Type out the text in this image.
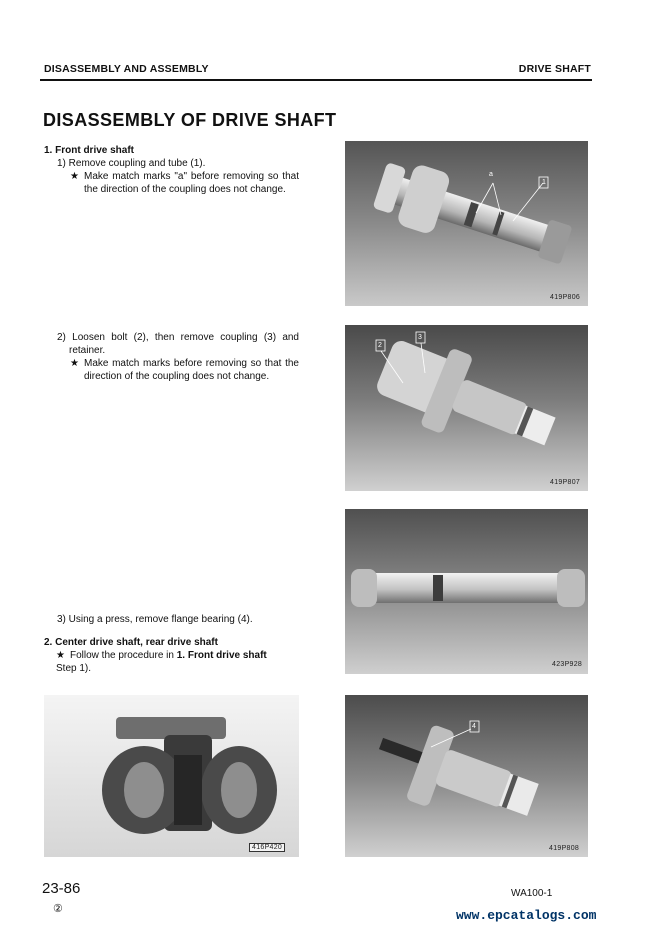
DISASSEMBLY AND ASSEMBLY	DRIVE SHAFT
DISASSEMBLY OF DRIVE SHAFT
1. Front drive shaft
1) Remove coupling and tube (1).
★ Make match marks "a" before removing so that the direction of the coupling does not change.
2) Loosen bolt (2), then remove coupling (3) and retainer.
★ Make match marks before removing so that the direction of the coupling does not change.
3) Using a press, remove flange bearing (4).
2. Center drive shaft, rear drive shaft
★ Follow the procedure in 1. Front drive shaft
Step 1).
a
1
419P806
2
3
419P807
423P928
416P420
4
419P808
23-86
②
WA100-1
www.epcatalogs.com
